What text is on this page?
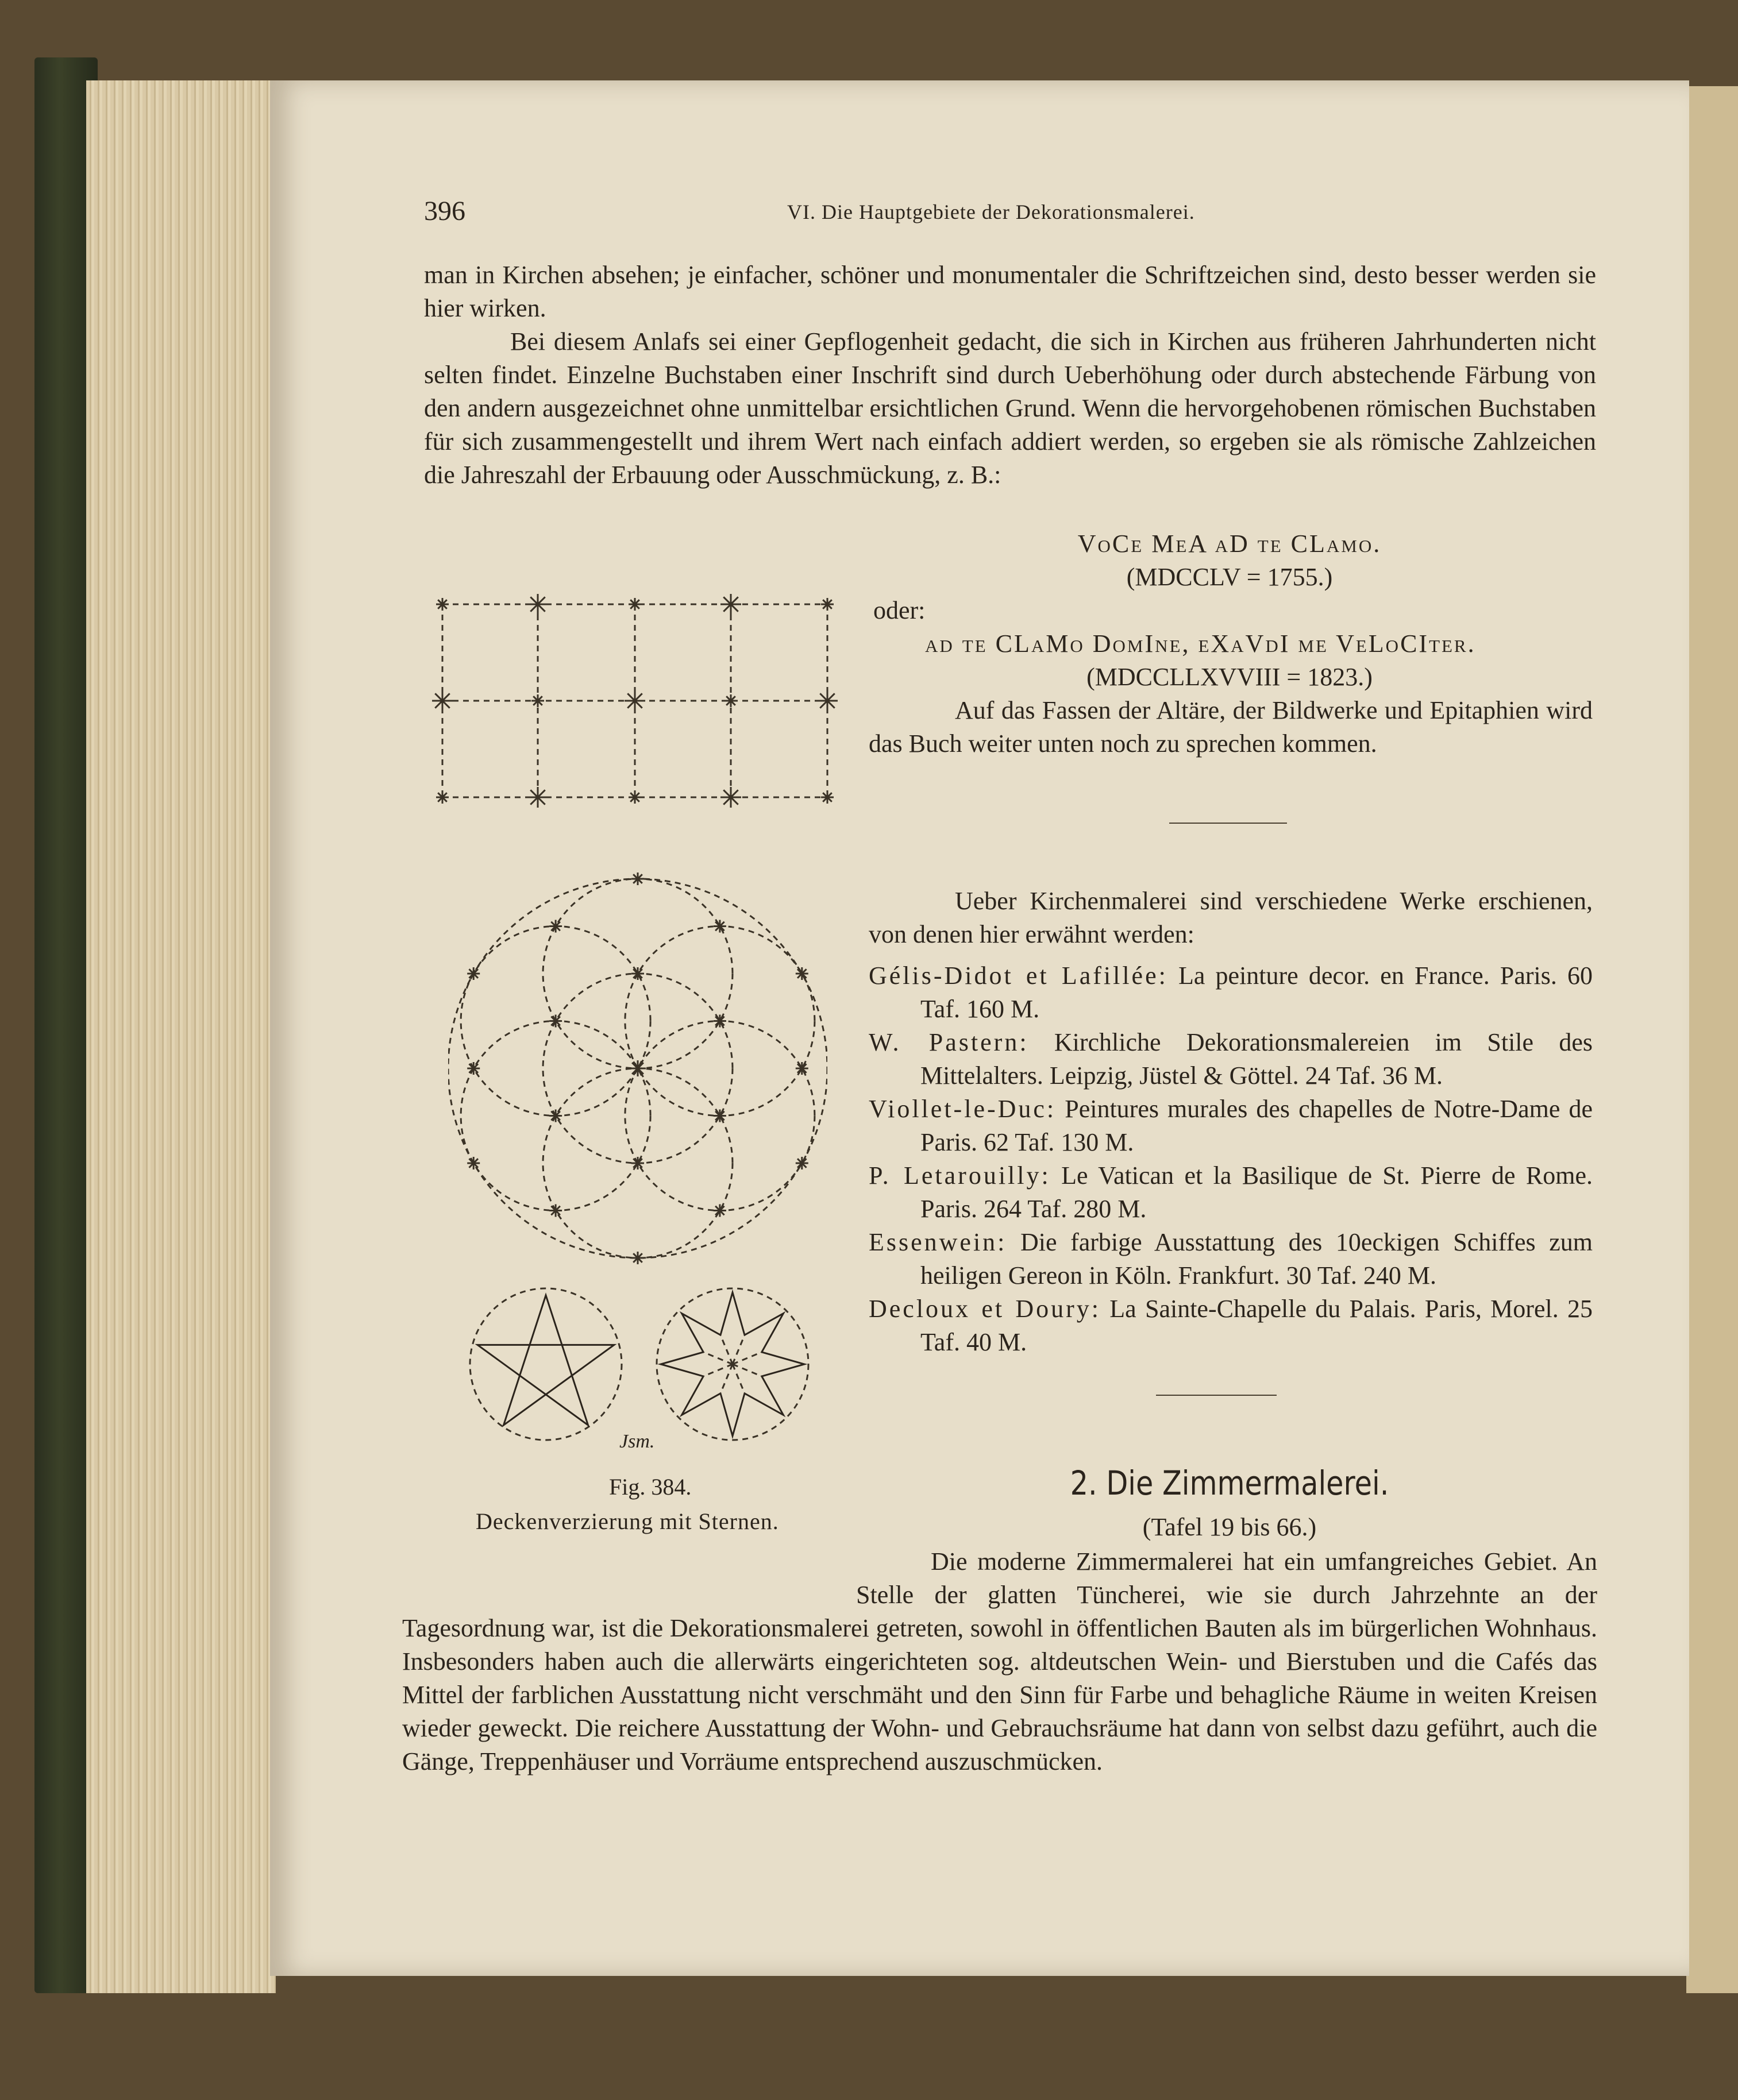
396	VI. Die Hauptgebiete der Dekorationsmalerei.
man in Kirchen absehen; je einfacher, schöner und monumentaler die Schriftzeichen sind, desto besser werden sie hier wirken.
Bei diesem Anlafs sei einer Gepflogenheit gedacht, die sich in Kirchen aus früheren Jahrhunderten nicht selten findet. Einzelne Buchstaben einer Inschrift sind durch Ueberhöhung oder durch abstechende Färbung von den andern ausgezeichnet ohne unmittelbar ersichtlichen Grund. Wenn die hervorgehobenen römischen Buchstaben für sich zusammengestellt und ihrem Wert nach einfach addiert werden, so ergeben sie als römische Zahlzeichen die Jahreszahl der Erbauung oder Ausschmückung, z. B.:
VoCe MeA aD te CLamo.
(MDCCLV = 1755.)
oder:
ad te CLaMo DomIne, eXaVdI me VeLoCIter.
(MDCCLLXVVIII = 1823.)
Auf das Fassen der Altäre, der Bildwerke und Epitaphien wird das Buch weiter unten noch zu sprechen kommen.
Jsm.
Fig. 384.
Deckenverzierung mit Sternen.
Ueber Kirchenmalerei sind verschiedene Werke erschienen, von denen hier erwähnt werden:
Gélis-Didot et Lafillée: La peinture decor. en France. Paris. 60 Taf. 160 M.
W. Pastern: Kirchliche Dekorationsmalereien im Stile des Mittelalters. Leipzig, Jüstel & Göttel. 24 Taf. 36 M.
Viollet-le-Duc: Peintures murales des chapelles de Notre-Dame de Paris. 62 Taf. 130 M.
P. Letarouilly: Le Vatican et la Basilique de St. Pierre de Rome. Paris. 264 Taf. 280 M.
Essenwein: Die farbige Ausstattung des 10eckigen Schiffes zum heiligen Gereon in Köln. Frankfurt. 30 Taf. 240 M.
Decloux et Doury: La Sainte-Chapelle du Palais. Paris, Morel. 25 Taf. 40 M.
2. Die Zimmermalerei.
(Tafel 19 bis 66.)
Die moderne Zimmermalerei hat ein umfangreiches Gebiet. An Stelle der glatten Tüncherei, wie sie durch Jahrzehnte an der Tagesordnung war, ist die Dekorationsmalerei getreten, sowohl in öffentlichen Bauten als im bürgerlichen Wohnhaus. Insbesonders haben auch die allerwärts eingerichteten sog. altdeutschen Wein- und Bierstuben und die Cafés das Mittel der farblichen Ausstattung nicht verschmäht und den Sinn für Farbe und behagliche Räume in weiten Kreisen wieder geweckt. Die reichere Ausstattung der Wohn- und Gebrauchsräume hat dann von selbst dazu geführt, auch die Gänge, Treppenhäuser und Vorräume entsprechend auszuschmücken.
